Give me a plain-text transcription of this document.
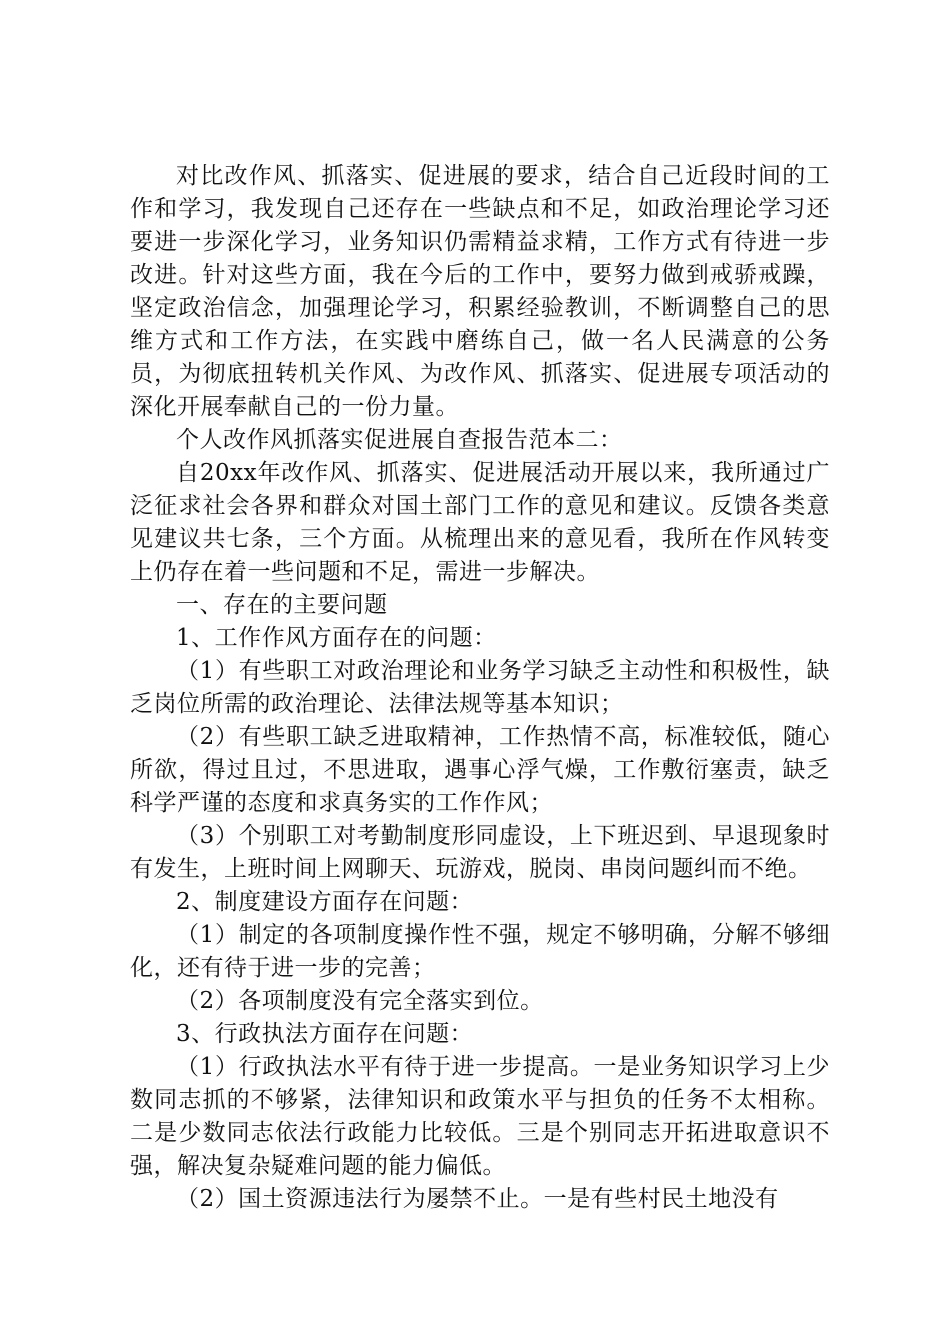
对比改作风、抓落实、促进展的要求，结合自己近段时间的工作和学习，我发现自己还存在一些缺点和不足，如政治理论学习还要进一步深化学习，业务知识仍需精益求精，工作方式有待进一步改进。针对这些方面，我在今后的工作中，要努力做到戒骄戒躁，坚定政治信念，加强理论学习，积累经验教训，不断调整自己的思维方式和工作方法，在实践中磨练自己，做一名人民满意的公务员，为彻底扭转机关作风、为改作风、抓落实、促进展专项活动的深化开展奉献自己的一份力量。

个人改作风抓落实促进展自查报告范本二：

自20xx年改作风、抓落实、促进展活动开展以来，我所通过广泛征求社会各界和群众对国土部门工作的意见和建议。反馈各类意见建议共七条，三个方面。从梳理出来的意见看，我所在作风转变上仍存在着一些问题和不足，需进一步解决。

一、存在的主要问题

1、工作作风方面存在的问题：

（1）有些职工对政治理论和业务学习缺乏主动性和积极性，缺乏岗位所需的政治理论、法律法规等基本知识；

（2）有些职工缺乏进取精神，工作热情不高，标准较低，随心所欲，得过且过，不思进取，遇事心浮气燥，工作敷衍塞责，缺乏科学严谨的态度和求真务实的工作作风；

（3）个别职工对考勤制度形同虚设，上下班迟到、早退现象时有发生，上班时间上网聊天、玩游戏，脱岗、串岗问题纠而不绝。

2、制度建设方面存在问题：

（1）制定的各项制度操作性不强，规定不够明确，分解不够细化，还有待于进一步的完善；

（2）各项制度没有完全落实到位。

3、行政执法方面存在问题：

（1）行政执法水平有待于进一步提高。一是业务知识学习上少数同志抓的不够紧，法律知识和政策水平与担负的任务不太相称。二是少数同志依法行政能力比较低。三是个别同志开拓进取意识不强，解决复杂疑难问题的能力偏低。

（2）国土资源违法行为屡禁不止。一是有些村民土地没有
